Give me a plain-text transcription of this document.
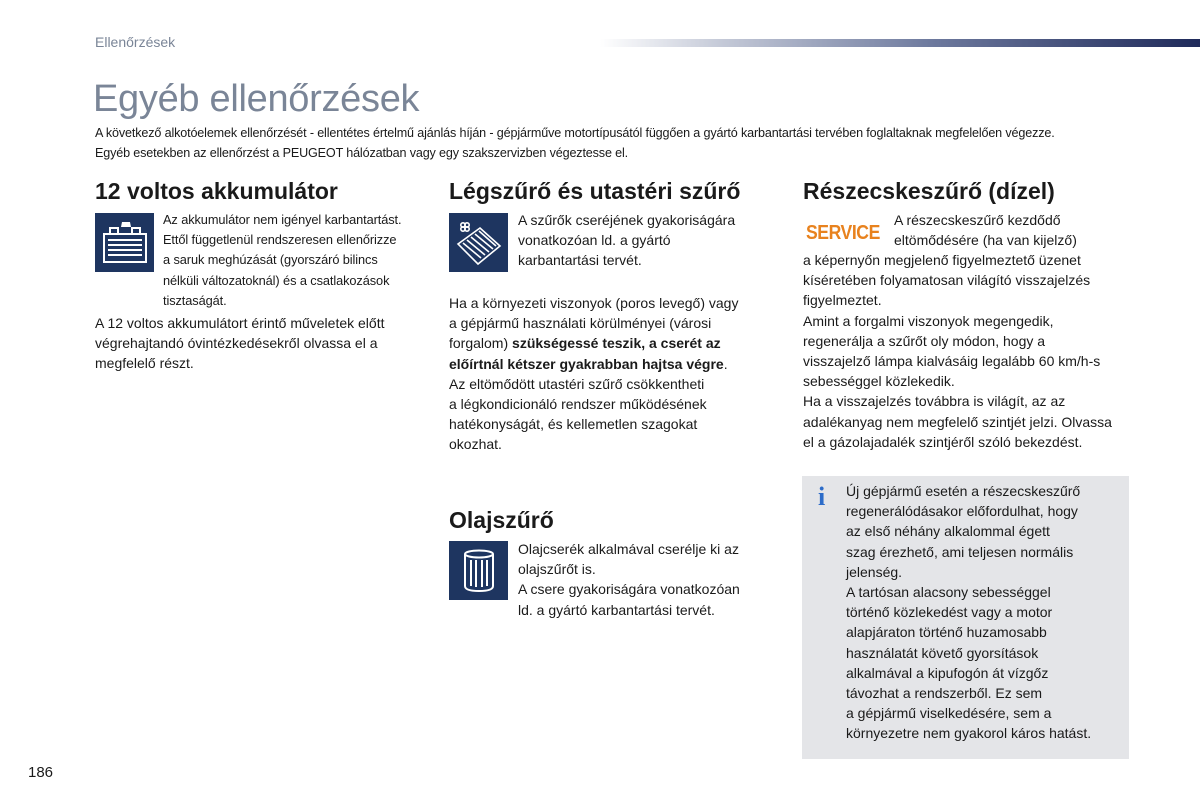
Ellenőrzések
Egyéb ellenőrzések

A következő alkotóelemek ellenőrzését - ellentétes értelmű ajánlás híján - gépjárműve motortípusától függően a gyártó karbantartási tervében foglaltaknak megfelelően végezze.

Egyéb esetekben az ellenőrzést a PEUGEOT hálózatban vagy egy szakszervizben végeztesse el.

12 voltos akkumulátor

Az akkumulátor nem igényel karbantartást.

Ettől függetlenül rendszeresen ellenőrizze

a saruk meghúzását (gyorszáró bilincs

nélküli változatoknál) és a csatlakozások

tisztaságát.

A 12 voltos akkumulátort érintő műveletek előtt

végrehajtandó óvintézkedésekről olvassa el a

megfelelő részt.

Légszűrő és utastéri szűrő

A szűrők cseréjének gyakoriságára

vonatkozóan ld. a gyártó

karbantartási tervét.

Ha a környezeti viszonyok (poros levegő) vagy

a gépjármű használati körülményei (városi

forgalom) szükségessé teszik, a cserét az

előírtnál kétszer gyakrabban hajtsa végre.

Az eltömődött utastéri szűrő csökkentheti

a légkondicionáló rendszer működésének

hatékonyságát, és kellemetlen szagokat

okozhat.

Olajszűrő

Olajcserék alkalmával cserélje ki az

olajszűrőt is.

A csere gyakoriságára vonatkozóan

ld. a gyártó karbantartási tervét.

Részecskeszűrő (dízel)
SERVICE

A részecskeszűrő kezdődő

eltömődésére (ha van kijelző)

a képernyőn megjelenő figyelmeztető üzenet

kíséretében folyamatosan világító visszajelzés

figyelmeztet.

Amint a forgalmi viszonyok megengedik,

regenerálja a szűrőt oly módon, hogy a

visszajelző lámpa kialvásáig legalább 60 km/h-s

sebességgel közlekedik.

Ha a visszajelzés továbbra is világít, az az

adalékanyag nem megfelelő szintjét jelzi. Olvassa

el a gázolajadalék szintjéről szóló bekezdést.

i	Új gépjármű esetén a részecskeszűrő

regenerálódásakor előfordulhat, hogy

az első néhány alkalommal égett

szag érezhető, ami teljesen normális

jelenség.

A tartósan alacsony sebességgel

történő közlekedést vagy a motor

alapjáraton történő huzamosabb

használatát követő gyorsítások

alkalmával a kipufogón át vízgőz

távozhat a rendszerből. Ez sem

a gépjármű viselkedésére, sem a

környezetre nem gyakorol káros hatást.

186
